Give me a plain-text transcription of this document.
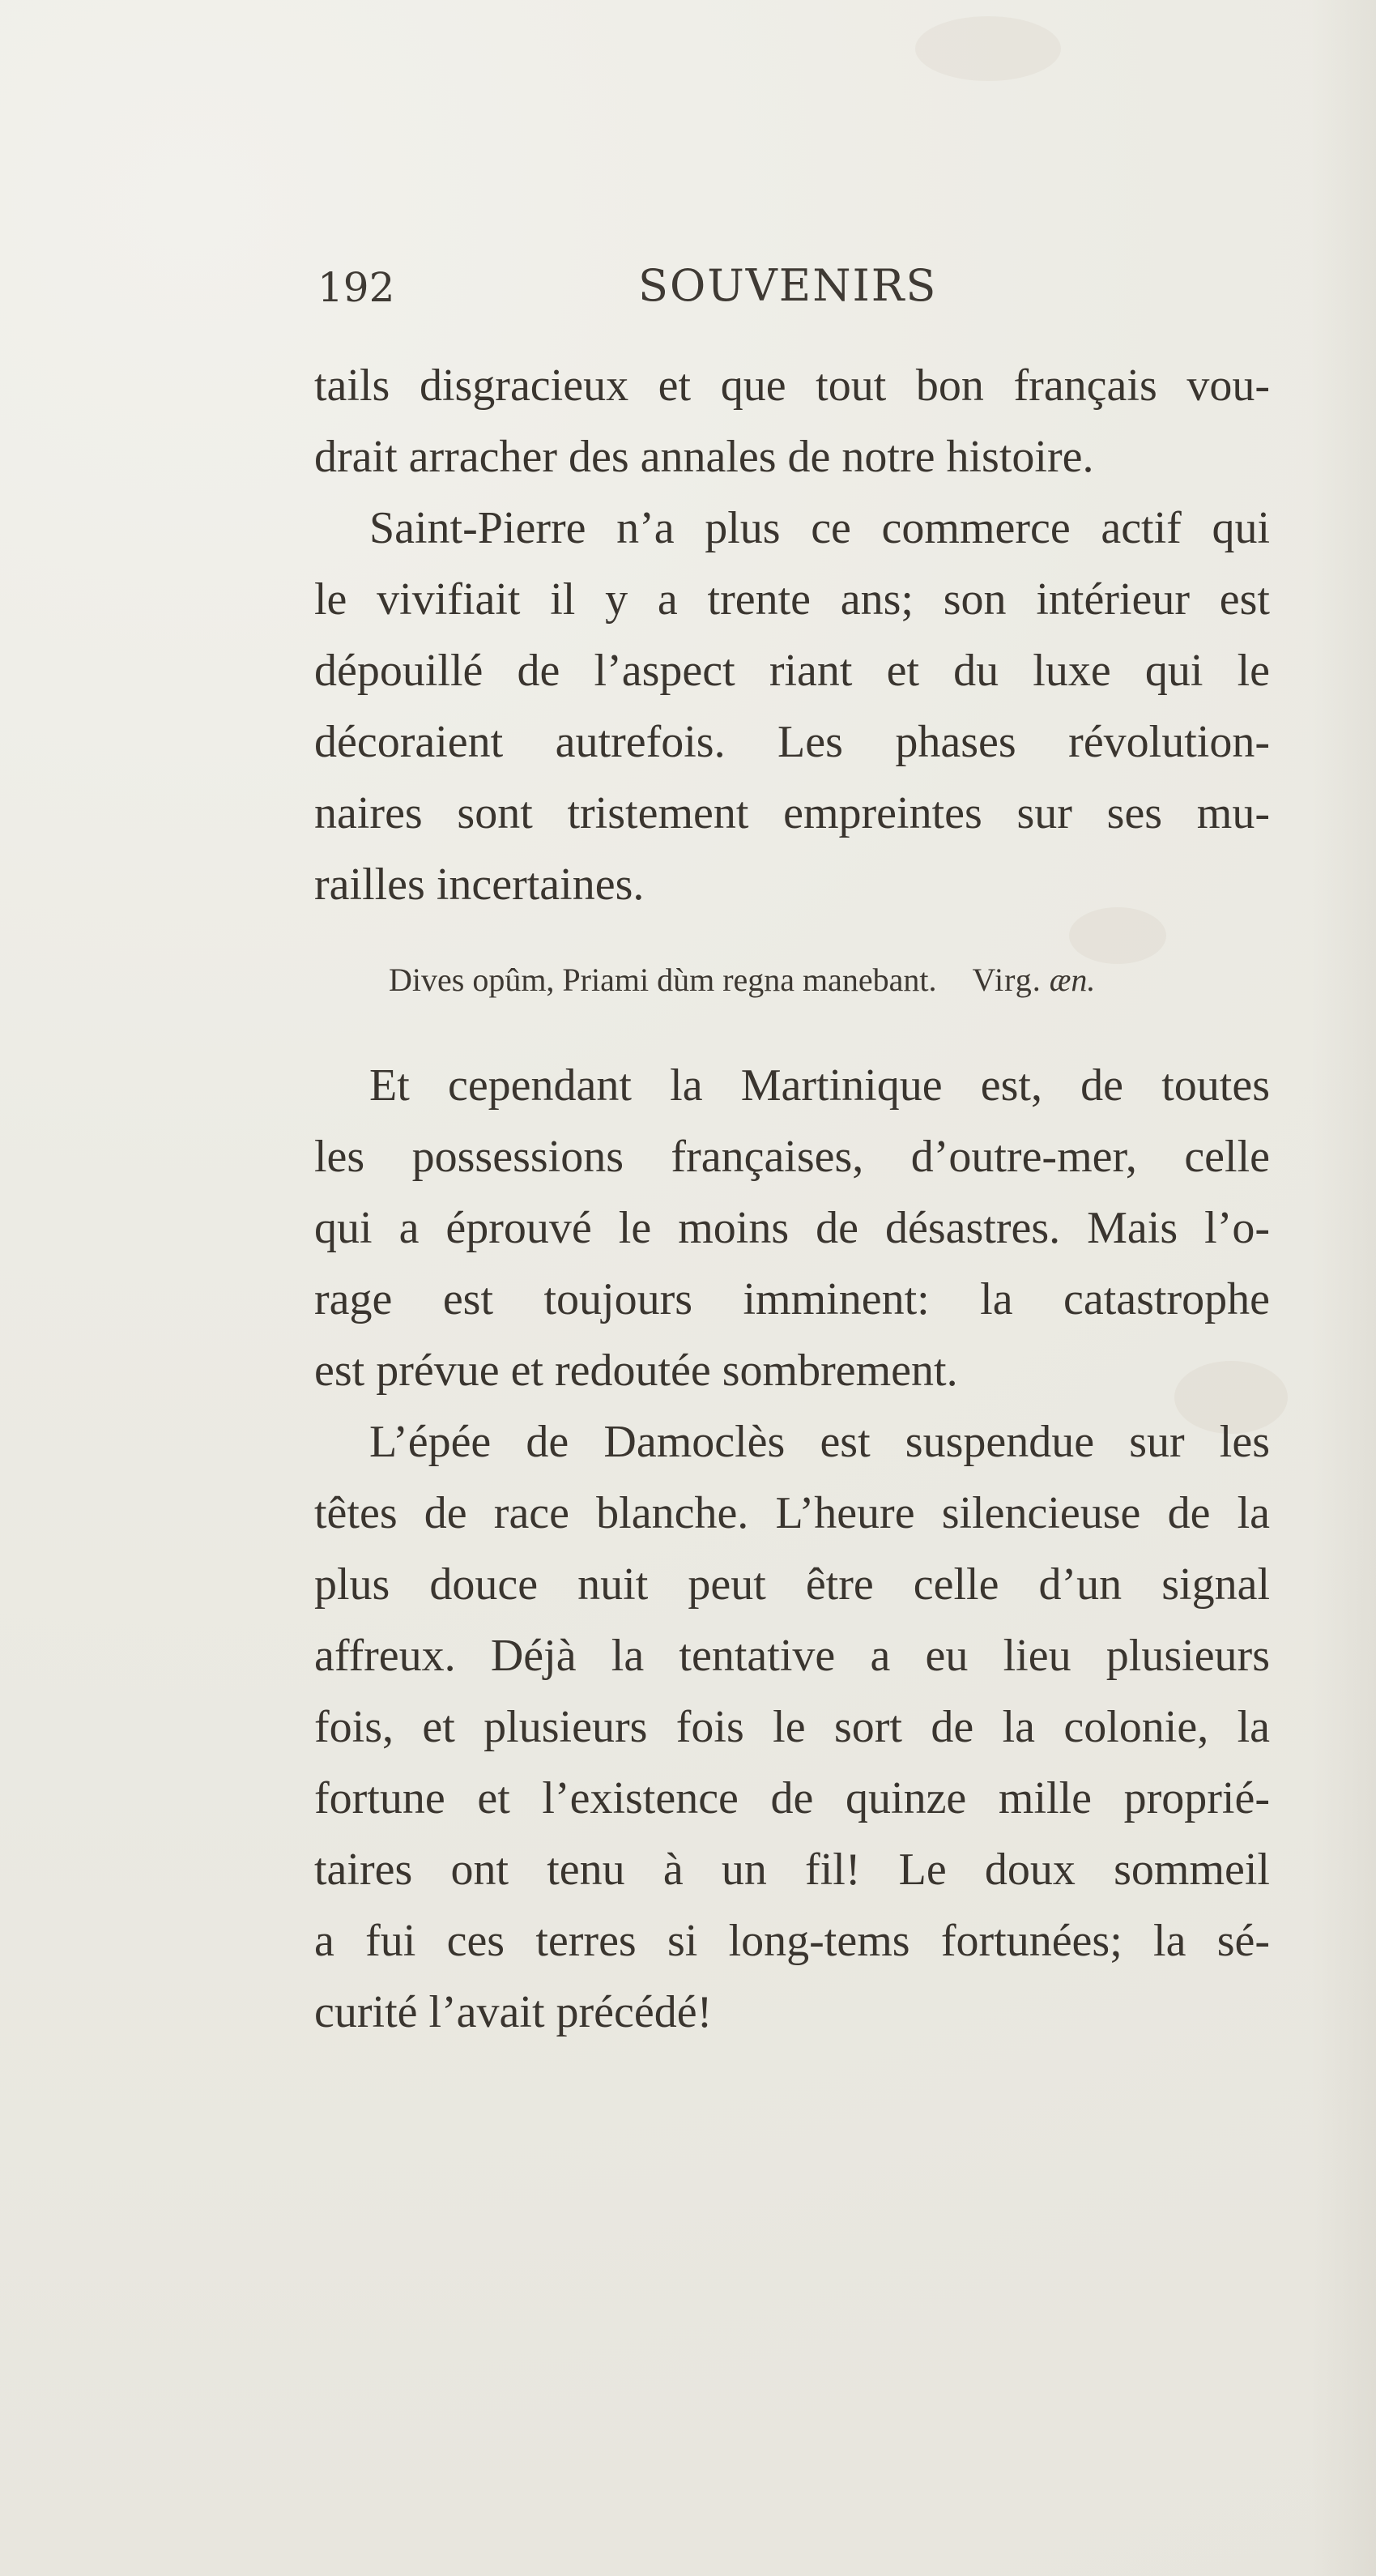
192	SOUVENIRS
tails disgracieux et que tout bon français vou-
drait arracher des annales de notre histoire.
Saint-Pierre n’a plus ce commerce actif qui
le vivifiait il y a trente ans; son intérieur est
dépouillé de l’aspect riant et du luxe qui le
décoraient autrefois. Les phases révolution-
naires sont tristement empreintes sur ses mu-
railles incertaines.
Dives opûm, Priami dùm regna manebant. Virg. æn.
Et cependant la Martinique est, de toutes
les possessions françaises, d’outre-mer, celle
qui a éprouvé le moins de désastres. Mais l’o-
rage est toujours imminent: la catastrophe
est prévue et redoutée sombrement.
L’épée de Damoclès est suspendue sur les
têtes de race blanche. L’heure silencieuse de la
plus douce nuit peut être celle d’un signal
affreux. Déjà la tentative a eu lieu plusieurs
fois, et plusieurs fois le sort de la colonie, la
fortune et l’existence de quinze mille proprié-
taires ont tenu à un fil! Le doux sommeil
a fui ces terres si long-tems fortunées; la sé-
curité l’avait précédé!
